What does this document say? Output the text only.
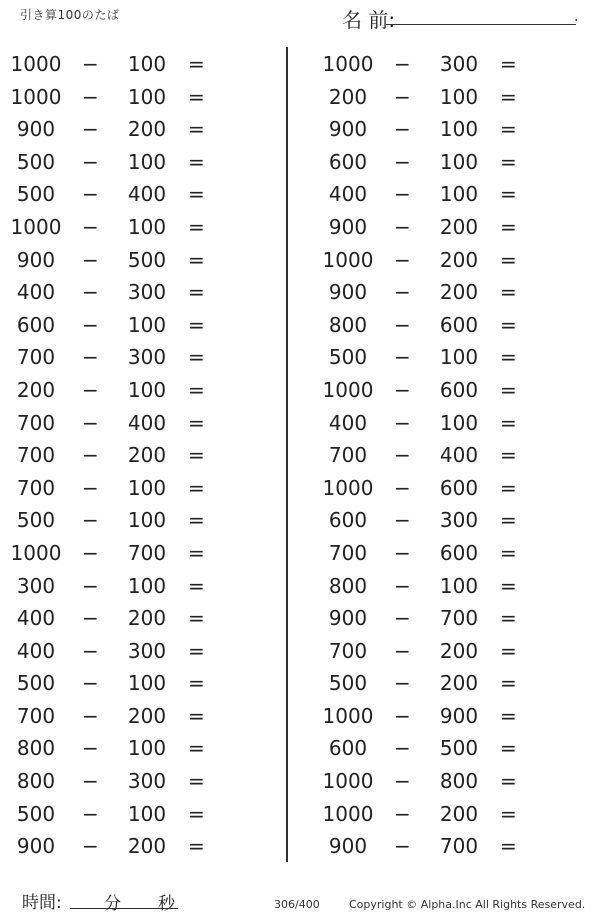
引き算100のたば	名 前:	.
1000	−	100	=
1000	−	100	=
900	−	200	=
500	−	100	=
500	−	400	=
1000	−	100	=
900	−	500	=
400	−	300	=
600	−	100	=
700	−	300	=
200	−	100	=
700	−	400	=
700	−	200	=
700	−	100	=
500	−	100	=
1000	−	700	=
300	−	100	=
400	−	200	=
400	−	300	=
500	−	100	=
700	−	200	=
800	−	100	=
800	−	300	=
500	−	100	=
900	−	200	=
1000	−	300	=
200	−	100	=
900	−	100	=
600	−	100	=
400	−	100	=
900	−	200	=
1000	−	200	=
900	−	200	=
800	−	600	=
500	−	100	=
1000	−	600	=
400	−	100	=
700	−	400	=
1000	−	600	=
600	−	300	=
700	−	600	=
800	−	100	=
900	−	700	=
700	−	200	=
500	−	200	=
1000	−	900	=
600	−	500	=
1000	−	800	=
1000	−	200	=
900	−	700	=
時間: 分 秒	306/400	Copyright © Alpha.Inc All Rights Reserved.
